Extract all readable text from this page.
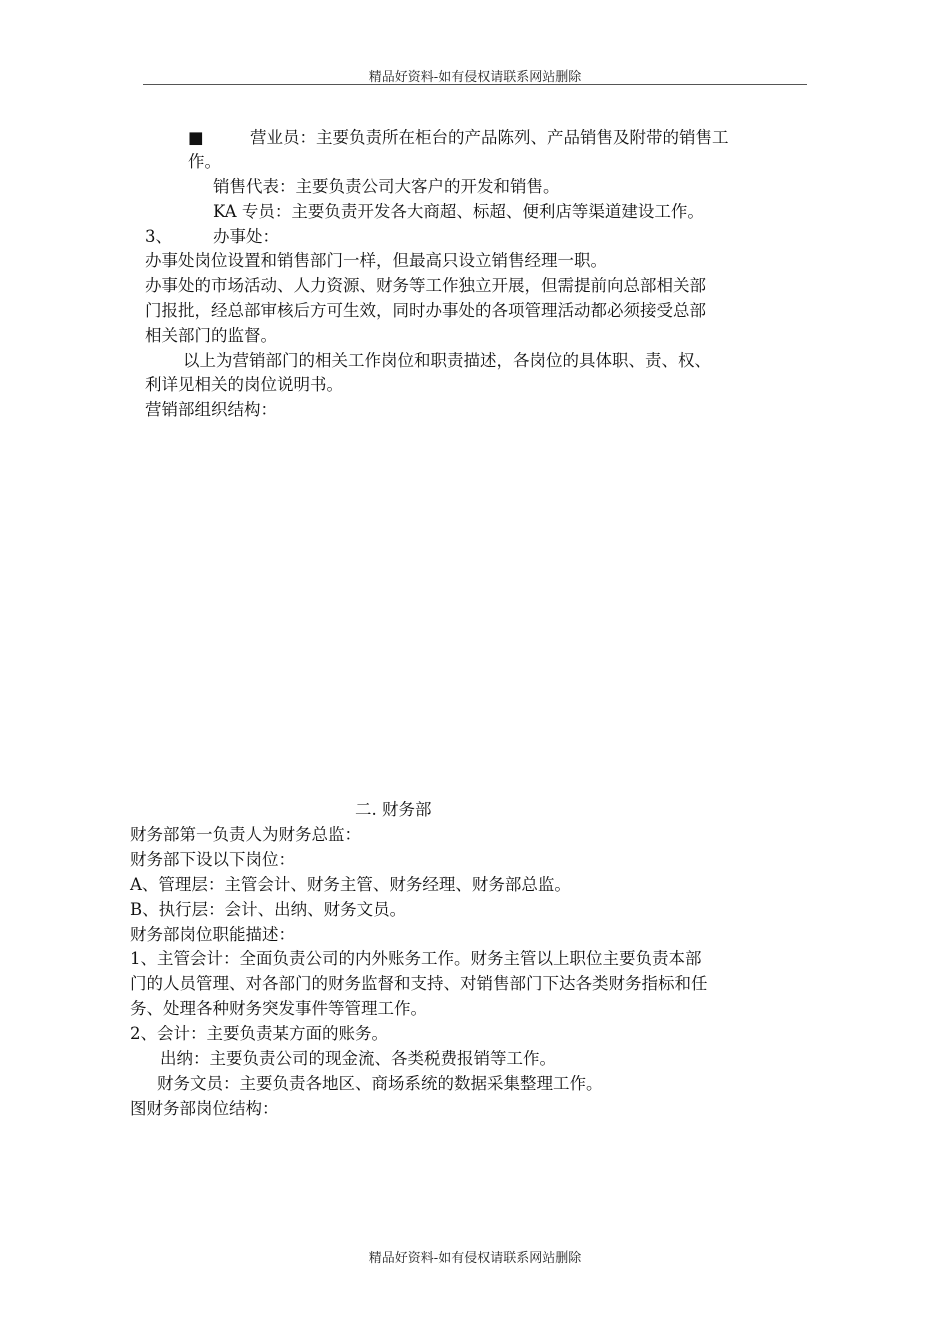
精品好资料-如有侵权请联系网站删除
■	营业员：主要负责所在柜台的产品陈列、产品销售及附带的销售工
作。
销售代表：主要负责公司大客户的开发和销售。
KA 专员：主要负责开发各大商超、标超、便利店等渠道建设工作。
3、 办事处：
办事处岗位设置和销售部门一样，但最高只设立销售经理一职。
办事处的市场活动、人力资源、财务等工作独立开展，但需提前向总部相关部
门报批，经总部审核后方可生效，同时办事处的各项管理活动都必须接受总部
相关部门的监督。
以上为营销部门的相关工作岗位和职责描述，各岗位的具体职、责、权、
利详见相关的岗位说明书。
营销部组织结构：
二. 财务部
财务部第一负责人为财务总监：
财务部下设以下岗位：
A、管理层：主管会计、财务主管、财务经理、财务部总监。
B、执行层：会计、出纳、财务文员。
财务部岗位职能描述：
1、主管会计：全面负责公司的内外账务工作。财务主管以上职位主要负责本部
门的人员管理、对各部门的财务监督和支持、对销售部门下达各类财务指标和任
务、处理各种财务突发事件等管理工作。
2、会计：主要负责某方面的账务。
出纳：主要负责公司的现金流、各类税费报销等工作。
财务文员：主要负责各地区、商场系统的数据采集整理工作。
图财务部岗位结构：
精品好资料-如有侵权请联系网站删除
